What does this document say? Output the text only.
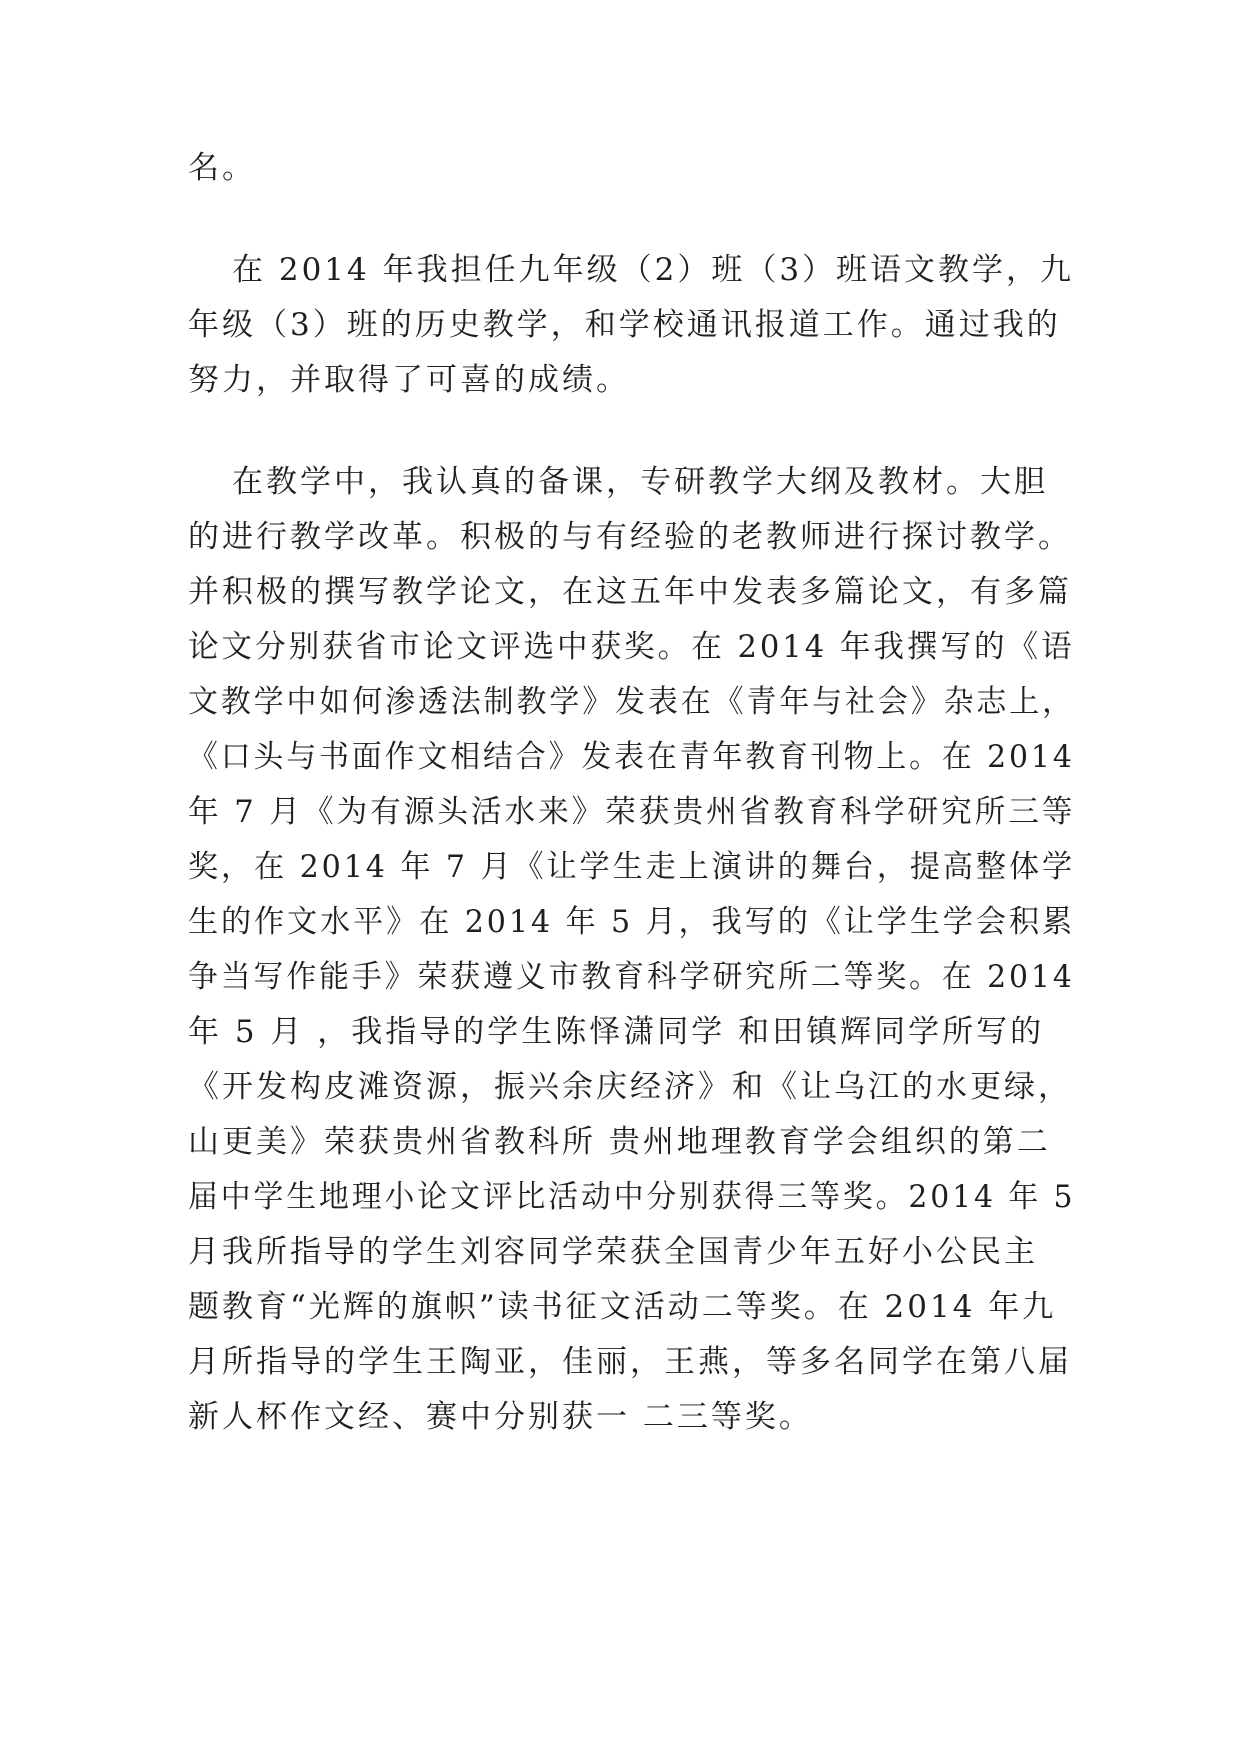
名。
在 2014 年我担任九年级（2）班（3）班语文教学，九
年级（3）班的历史教学，和学校通讯报道工作。通过我的
努力，并取得了可喜的成绩。
在教学中，我认真的备课，专研教学大纲及教材。大胆
的进行教学改革。积极的与有经验的老教师进行探讨教学。
并积极的撰写教学论文，在这五年中发表多篇论文，有多篇
论文分别获省市论文评选中获奖。在 2014 年我撰写的《语
文教学中如何渗透法制教学》发表在《青年与社会》杂志上，
《口头与书面作文相结合》发表在青年教育刊物上。在 2014
年 7 月《为有源头活水来》荣获贵州省教育科学研究所三等
奖，在 2014 年 7 月《让学生走上演讲的舞台，提高整体学
生的作文水平》在 2014 年 5 月，我写的《让学生学会积累
争当写作能手》荣获遵义市教育科学研究所二等奖。在 2014
年 5 月 ，我指导的学生陈怿潇同学 和田镇辉同学所写的
《开发构皮滩资源，振兴余庆经济》和《让乌江的水更绿，
山更美》荣获贵州省教科所 贵州地理教育学会组织的第二
届中学生地理小论文评比活动中分别获得三等奖。2014 年 5
月我所指导的学生刘容同学荣获全国青少年五好小公民主
题教育“光辉的旗帜”读书征文活动二等奖。在 2014 年九
月所指导的学生王陶亚，佳丽，王燕，等多名同学在第八届
新人杯作文经、赛中分别获一 二三等奖。
